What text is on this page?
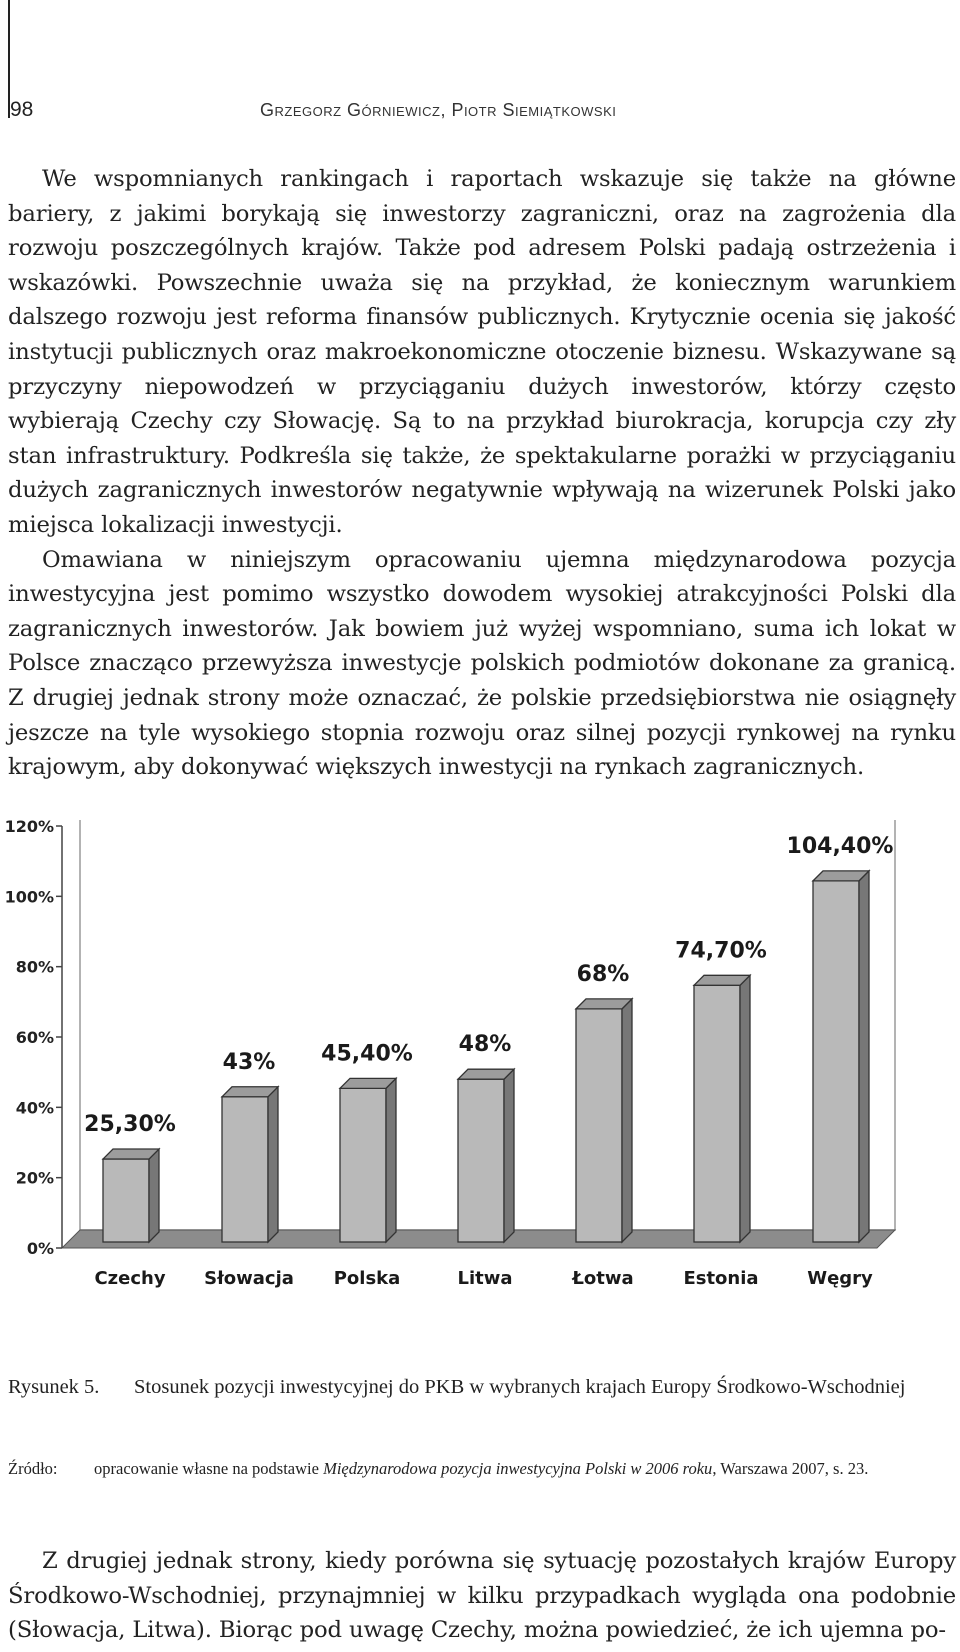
98	Grzegorz Górniewicz, Piotr Siemiątkowski

We wspomnianych rankingach i raportach wskazuje się także na główne bariery, z jakimi borykają się inwestorzy zagraniczni, oraz na zagrożenia dla rozwoju poszczególnych krajów. Także pod adresem Polski padają ostrzeżenia i wskazówki. Powszechnie uważa się na przykład, że koniecznym warunkiem dalszego rozwoju jest reforma finansów publicznych. Krytycznie ocenia się jakość instytucji publicznych oraz makroekonomiczne otoczenie biznesu. Wskazywane są przyczyny niepowodzeń w przyciąganiu dużych inwestorów, którzy często wybierają Czechy czy Słowację. Są to na przykład biurokracja, korupcja czy zły stan infrastruktury. Podkreśla się także, że spektakularne porażki w przyciąganiu dużych zagranicznych inwestorów negatywnie wpływają na wizerunek Polski jako miejsca lokalizacji inwestycji.

Omawiana w niniejszym opracowaniu ujemna międzynarodowa pozycja inwestycyjna jest pomimo wszystko dowodem wysokiej atrakcyjności Polski dla zagranicznych inwestorów. Jak bowiem już wyżej wspomniano, suma ich lokat w Polsce znacząco przewyższa inwestycje polskich podmiotów dokonane za granicą. Z drugiej jednak strony może oznaczać, że polskie przedsiębiorstwa nie osiągnęły jeszcze na tyle wysokiego stopnia rozwoju oraz silnej pozycji rynkowej na rynku krajowym, aby dokonywać większych inwestycji na rynkach zagranicznych.

0%
20%
40%
60%
80%
100%
120%
25,30%
Czechy
43%
Słowacja
45,40%
Polska
48%
Litwa
68%
Łotwa
74,70%
Estonia
104,40%
Węgry
Rysunek 5.	Stosunek pozycji inwestycyjnej do PKB w wybranych krajach Europy Środkowo-Wschodniej
Źródło:	opracowanie własne na podstawie Międzynarodowa pozycja inwestycyjna Polski w 2006 roku, Warszawa 2007, s. 23.

Z drugiej jednak strony, kiedy porówna się sytuację pozostałych krajów Europy Środkowo-Wschodniej, przynajmniej w kilku przypadkach wygląda ona podobnie (Słowacja, Litwa). Biorąc pod uwagę Czechy, można powiedzieć, że ich ujemna po-
